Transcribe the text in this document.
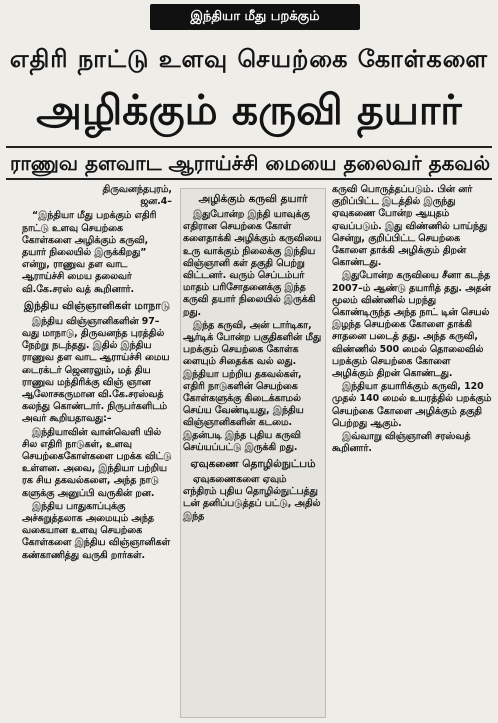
இந்தியா மீது பறக்கும்
எதிரி நாட்டு உளவு செயற்கை கோள்களை
அழிக்கும் கருவி தயார்
ராணுவ தளவாட ஆராய்ச்சி மையை தலைவர் தகவல்
திருவனந்தபுரம்,
ஜன.4–

“இந்தியா மீது பறக்கும் எதிரி நாட்டு உளவு செயற்கை கோள்களை அழிக்கும் கருவி, தயார் நிலையில் இருக்கிறது” என்று, ராணுவ தள வாட ஆராய்ச்சி மைய தலைவர் வி.கே.சரஸ் வத் கூறினார்.

இந்திய விஞ்ஞானிகள் மாநாடு

இந்திய விஞ்ஞானிகளின் 97–வது மாநாடு, திருவனந்த புரத்தில் நேற்று நடந்தது. இதில் இந்திய ராணுவ தள வாட ஆராய்ச்சி மைய டைரக்டர் ஜெனரலும், மத் திய ராணுவ மந்திரிக்கு விஞ் ஞான ஆலோசகருமான வி.கே.சரஸ்வத் கலந்து கொண்டார். நிருபர்களிடம் அவர் கூறியதாவது:–

இந்தியாவின் வான்வெளி யில் சில எதிரி நாடுகள், உளவு செயற்கைகோள்களை பறக்க விட்டு உள்ளன. அவை, இந்தியா பற்றிய ரக சிய தகவல்களை, அந்த நாடு களுக்கு அனுப்பி வருகின் றன.

இந்திய பாதுகாப்புக்கு அச்சுறுத்தலாக அமையும் அந்த வகையான உளவு செயற்கை கோள்களை இந்திய விஞ்ஞானிகள் கண்காணித்து வருகி றார்கள்.

அழிக்கும் கருவி தயார்

இதுபோன்ற இந்தி யாவுக்கு எதிரான செயற்கை கோள் களைதாக்கி அழிக்கும் கருவியை உரு வாக்கும் நிலைக்கு இந்திய விஞ்ஞானி கள் தகுதி பெற்று விட்டனர். வரும் செப்டம்பர் மாதம் பரிசோதனைக்கு இந்த கருவி தயார் நிலையில் இருக்கி றது.

இந்த கருவி, அன் டார்டிகா, ஆர்டிக் போன்ற பகுதிகளின் மீது பறக்கும் செயற்கை கோள்க ளையும் சிதைக்க வல் லது. இந்தியா பற்றிய தகவல்கள், எதிரி நாடுகளின் செயற்கை கோள்களுக்கு கிடைக்காமல் செய்ய வேண்டியது, இந்திய விஞ்ஞானிகளின் கடமை. இதன்படி இந்த புதிய கருவி செய்யப்பட்டு இருக்கி றது.

ஏவுகணை தொழில்நுட்பம்

ஏவுகணைகளை ஏவும் எந்திரம் புதிய தொழில்நுட்பத்து டன் தனிப்படுத்தப் பட்டு, அதில் இந்த

கருவி பொருத்தப்படும். பின் னர் குறிப்பிட்ட இடத்தில் இருந்து ஏவுகணை போன்ற ஆயுதம் ஏவப்படும். இது விண்ணில் பாய்ந்து சென்று, குறிப்பிட்ட செயற்கை கோளை தாக்கி அழிக்கும் திறன் கொண்டது.

இதுபோன்ற கருவியை சீனா கடந்த 2007–ம் ஆண்டு தயாரித் தது. அதன் மூலம் விண்ணில் பறந்து கொண்டிருந்த அந்த நாட் டின் செயல் இழந்த செயற்கை கோளை தாக்கி சாதனை படைத் தது. அந்த கருவி, விண்ணில் 500 மைல் தொலைவில் பறக்கும் செயற்கை கோளை அழிக்கும் திறன் கொண்டது.

இந்தியா தயாரிக்கும் கருவி, 120 முதல் 140 மைல் உயரத்தில் பறக்கும் செயற்கை கோளை அழிக்கும் தகுதி பெற்றது ஆகும்.

இவ்வாறு விஞ்ஞானி சரஸ்வத் கூறினார்.
